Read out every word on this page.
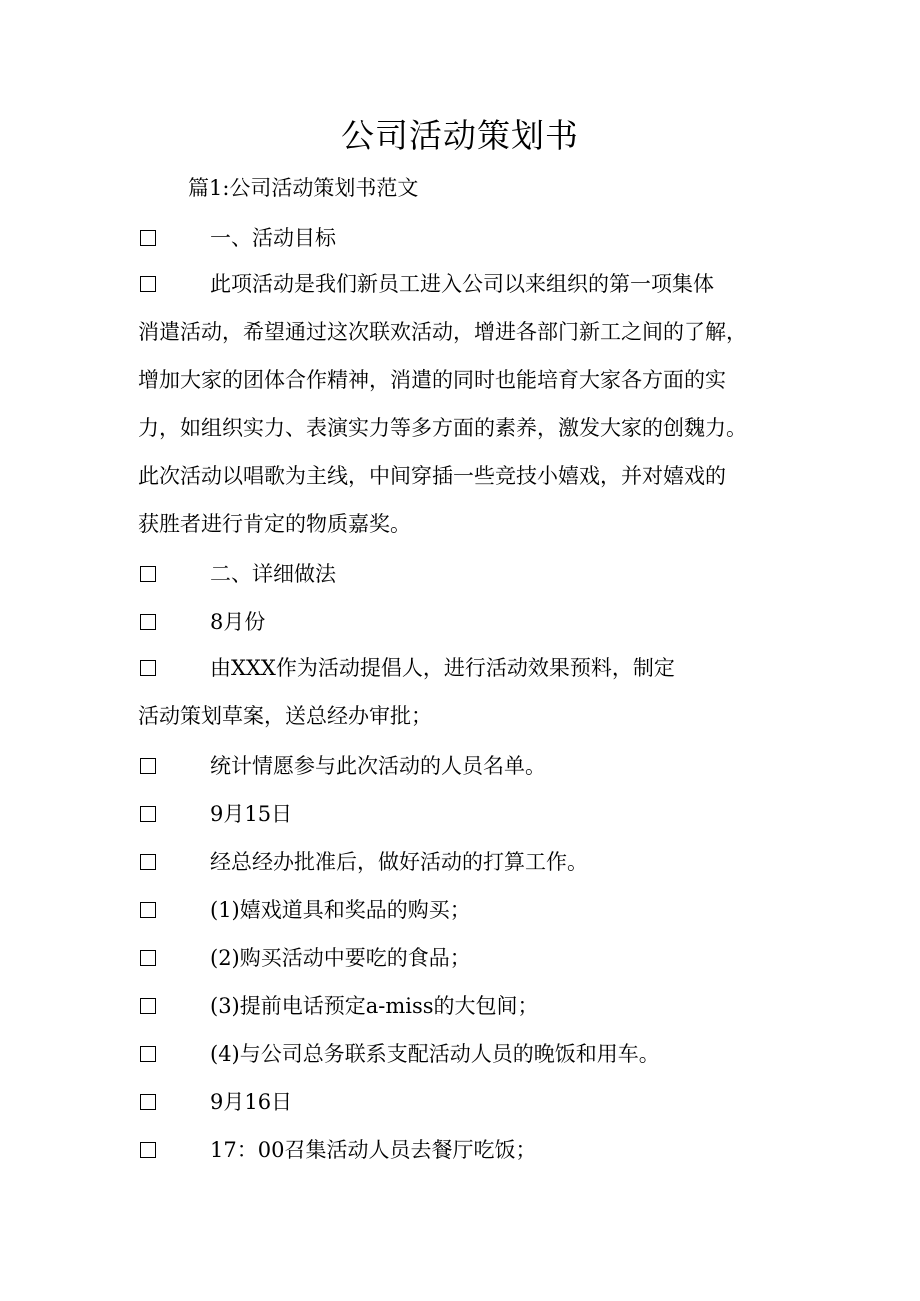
公司活动策划书
篇1:公司活动策划书范文
一、活动目标
此项活动是我们新员工进入公司以来组织的第一项集体
消遣活动，希望通过这次联欢活动，增进各部门新工之间的了解，
增加大家的团体合作精神，消遣的同时也能培育大家各方面的实
力，如组织实力、表演实力等多方面的素养，激发大家的创魏力。
此次活动以唱歌为主线，中间穿插一些竞技小嬉戏，并对嬉戏的
获胜者进行肯定的物质嘉奖。
二、详细做法
8月份
由XXX作为活动提倡人，进行活动效果预料，制定
活动策划草案，送总经办审批；
统计情愿参与此次活动的人员名单。
9月15日
经总经办批准后，做好活动的打算工作。
(1)嬉戏道具和奖品的购买；
(2)购买活动中要吃的食品；
(3)提前电话预定a-miss的大包间；
(4)与公司总务联系支配活动人员的晚饭和用车。
9月16日
17：00召集活动人员去餐厅吃饭；
